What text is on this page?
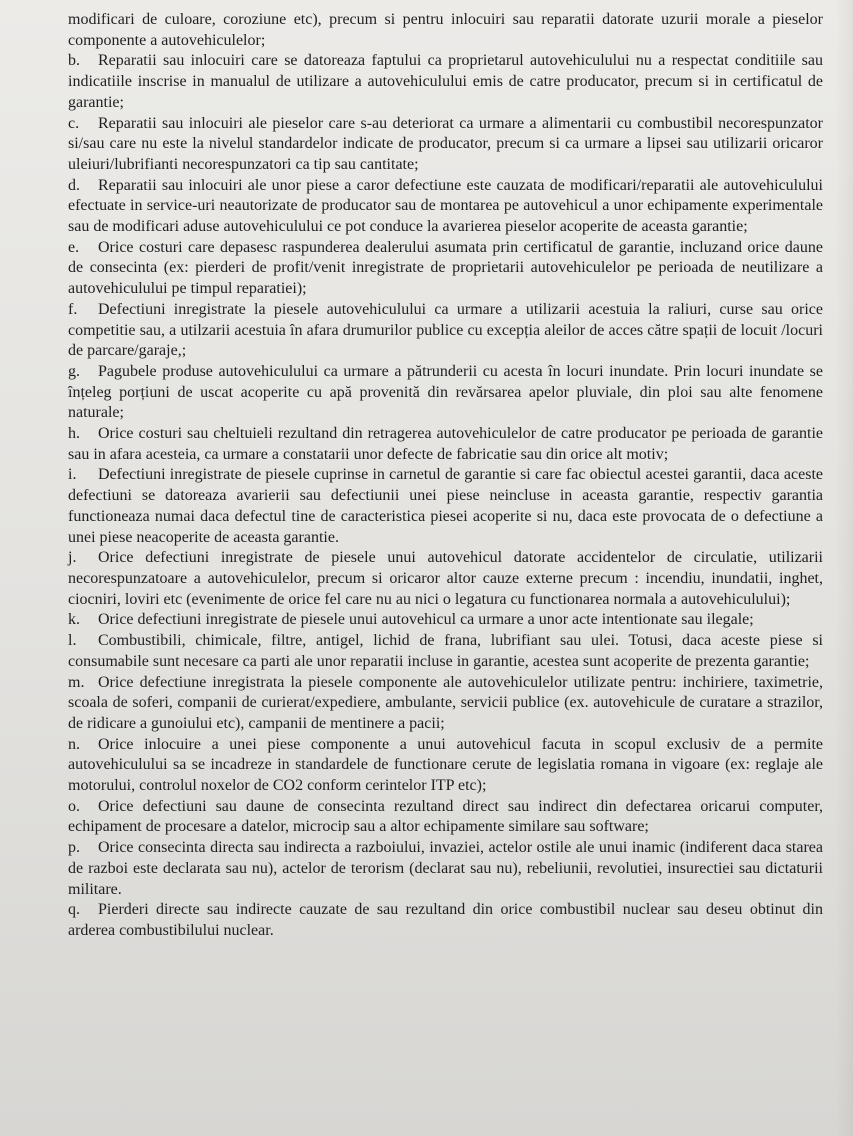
modificari de culoare, coroziune etc), precum si pentru inlocuiri sau reparatii datorate uzurii morale a pieselor componente a autovehiculelor;

b. Reparatii sau inlocuiri care se datoreaza faptului ca proprietarul autovehiculului nu a respectat conditiile sau indicatiile inscrise in manualul de utilizare a autovehiculului emis de catre producator, precum si in certificatul de garantie;

c. Reparatii sau inlocuiri ale pieselor care s-au deteriorat ca urmare a alimentarii cu combustibil necorespunzator si/sau care nu este la nivelul standardelor indicate de producator, precum si ca urmare a lipsei sau utilizarii oricaror uleiuri/lubrifianti necorespunzatori ca tip sau cantitate;

d. Reparatii sau inlocuiri ale unor piese a caror defectiune este cauzata de modificari/reparatii ale autovehiculului efectuate in service-uri neautorizate de producator sau de montarea pe autovehicul a unor echipamente experimentale sau de modificari aduse autovehiculului ce pot conduce la avarierea pieselor acoperite de aceasta garantie;

e. Orice costuri care depasesc raspunderea dealerului asumata prin certificatul de garantie, incluzand orice daune de consecinta (ex: pierderi de profit/venit inregistrate de proprietarii autovehiculelor pe perioada de neutilizare a autovehiculului pe timpul reparatiei);

f. Defectiuni inregistrate la piesele autovehiculului ca urmare a utilizarii acestuia la raliuri, curse sau orice competitie sau, a utilzarii acestuia în afara drumurilor publice cu excepția aleilor de acces către spații de locuit /locuri de parcare/garaje,;

g. Pagubele produse autovehiculului ca urmare a pătrunderii cu acesta în locuri inundate. Prin locuri inundate se înțeleg porțiuni de uscat acoperite cu apă provenită din revărsarea apelor pluviale, din ploi sau alte fenomene naturale;

h. Orice costuri sau cheltuieli rezultand din retragerea autovehiculelor de catre producator pe perioada de garantie sau in afara acesteia, ca urmare a constatarii unor defecte de fabricatie sau din orice alt motiv;

i. Defectiuni inregistrate de piesele cuprinse in carnetul de garantie si care fac obiectul acestei garantii, daca aceste defectiuni se datoreaza avarierii sau defectiunii unei piese neincluse in aceasta garantie, respectiv garantia functioneaza numai daca defectul tine de caracteristica piesei acoperite si nu, daca este provocata de o defectiune a unei piese neacoperite de aceasta garantie.

j. Orice defectiuni inregistrate de piesele unui autovehicul datorate accidentelor de circulatie, utilizarii necorespunzatoare a autovehiculelor, precum si oricaror altor cauze externe precum : incendiu, inundatii, inghet, ciocniri, loviri etc (evenimente de orice fel care nu au nici o legatura cu functionarea normala a autovehiculului);

k. Orice defectiuni inregistrate de piesele unui autovehicul ca urmare a unor acte intentionate sau ilegale;

l. Combustibili, chimicale, filtre, antigel, lichid de frana, lubrifiant sau ulei. Totusi, daca aceste piese si consumabile sunt necesare ca parti ale unor reparatii incluse in garantie, acestea sunt acoperite de prezenta garantie;

m. Orice defectiune inregistrata la piesele componente ale autovehiculelor utilizate pentru: inchiriere, taximetrie, scoala de soferi, companii de curierat/expediere, ambulante, servicii publice (ex. autovehicule de curatare a strazilor, de ridicare a gunoiului etc), campanii de mentinere a pacii;

n. Orice inlocuire a unei piese componente a unui autovehicul facuta in scopul exclusiv de a permite autovehiculului sa se incadreze in standardele de functionare cerute de legislatia romana in vigoare (ex: reglaje ale motorului, controlul noxelor de CO2 conform cerintelor ITP etc);

o. Orice defectiuni sau daune de consecinta rezultand direct sau indirect din defectarea oricarui computer, echipament de procesare a datelor, microcip sau a altor echipamente similare sau software;

p. Orice consecinta directa sau indirecta a razboiului, invaziei, actelor ostile ale unui inamic (indiferent daca starea de razboi este declarata sau nu), actelor de terorism (declarat sau nu), rebeliunii, revolutiei, insurectiei sau dictaturii militare.

q. Pierderi directe sau indirecte cauzate de sau rezultand din orice combustibil nuclear sau deseu obtinut din arderea combustibilului nuclear.
